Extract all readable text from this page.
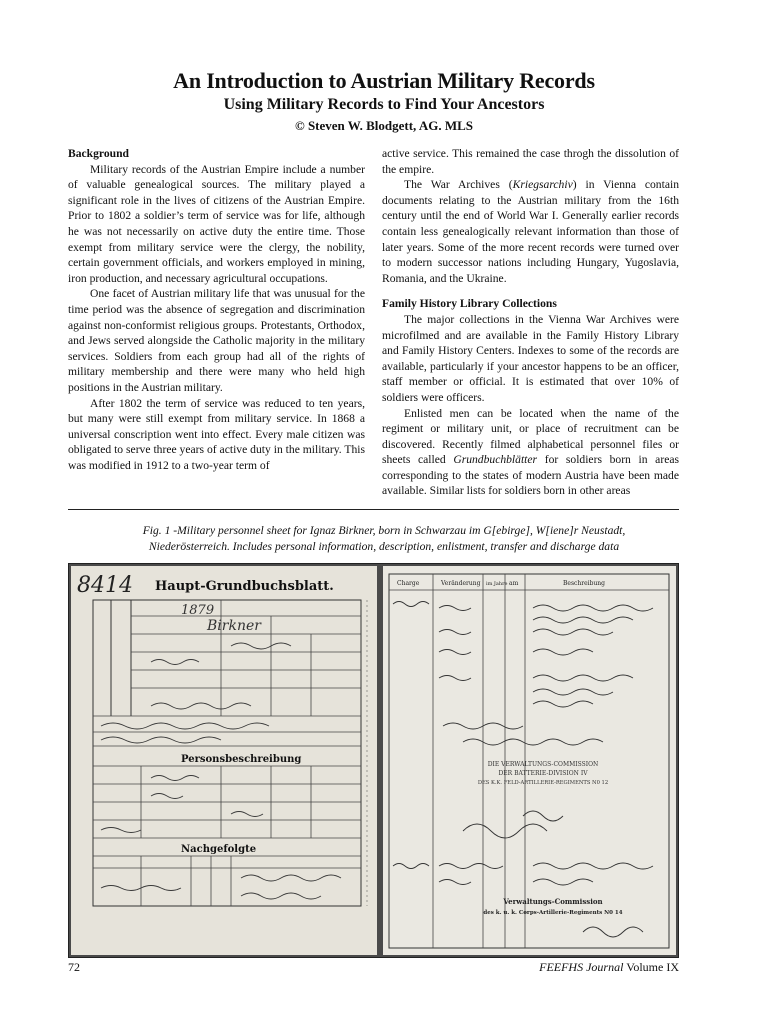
An Introduction to Austrian Military Records
Using Military Records to Find Your Ancestors
© Steven W. Blodgett, AG. MLS
Background

Military records of the Austrian Empire include a number of valuable genealogical sources. The military played a significant role in the lives of citizens of the Austrian Empire. Prior to 1802 a soldier’s term of service was for life, although he was not necessarily on active duty the entire time. Those exempt from military service were the clergy, the nobility, certain government officials, and workers employed in mining, iron production, and necessary agricultural occupations.

One facet of Austrian military life that was unusual for the time period was the absence of segregation and discrimination against non-conformist religious groups. Protestants, Orthodox, and Jews served alongside the Catholic majority in the military services. Soldiers from each group had all of the rights of military membership and there were many who held high positions in the Austrian military.

After 1802 the term of service was reduced to ten years, but many were still exempt from military service. In 1868 a universal conscription went into effect. Every male citizen was obligated to serve three years of active duty in the military. This was modified in 1912 to a two-year term of

active service. This remained the case throgh the dissolution of the empire.

The War Archives (Kriegsarchiv) in Vienna contain documents relating to the Austrian military from the 16th century until the end of World War I. Generally earlier records contain less genealogically relevant information than those of later years. Some of the more recent records were turned over to modern successor nations including Hungary, Yugoslavia, Romania, and the Ukraine.

Family History Library Collections

The major collections in the Vienna War Archives were microfilmed and are available in the Family History Library and Family History Centers. Indexes to some of the records are available, particularly if your ancestor happens to be an officer, staff member or official. It is estimated that over 10% of soldiers were officers.

Enlisted men can be located when the name of the regiment or military unit, or place of recruitment can be discovered. Recently filmed alphabetical personnel files or sheets called Grundbuchblätter for soldiers born in areas corresponding to the states of modern Austria have been made available. Similar lists for soldiers born in other areas

Fig. 1 -Military personnel sheet for Ignaz Birkner, born in Schwarzau im G[ebirge], W[iene]r Neustadt,
Niederösterreich. Includes personal information, description, enlistment, transfer and discharge data
8414 Haupt-Grundbuchsblatt.
1879
Birkner
Personsbeschreibung
Nachgefolgte
Charge	Veränderung im Jahre am	Beschreibung
DIE VERWALTUNGS-COMMISSION
DER BATTERIE-DIVISION IV
DES K.K. FELD-ARTILLERIE-REGIMENTS N0 12
Verwaltungs-Commission
des k. u. k. Corps-Artillerie-Regiments N0 14
72	FEEFHS Journal Volume IX
